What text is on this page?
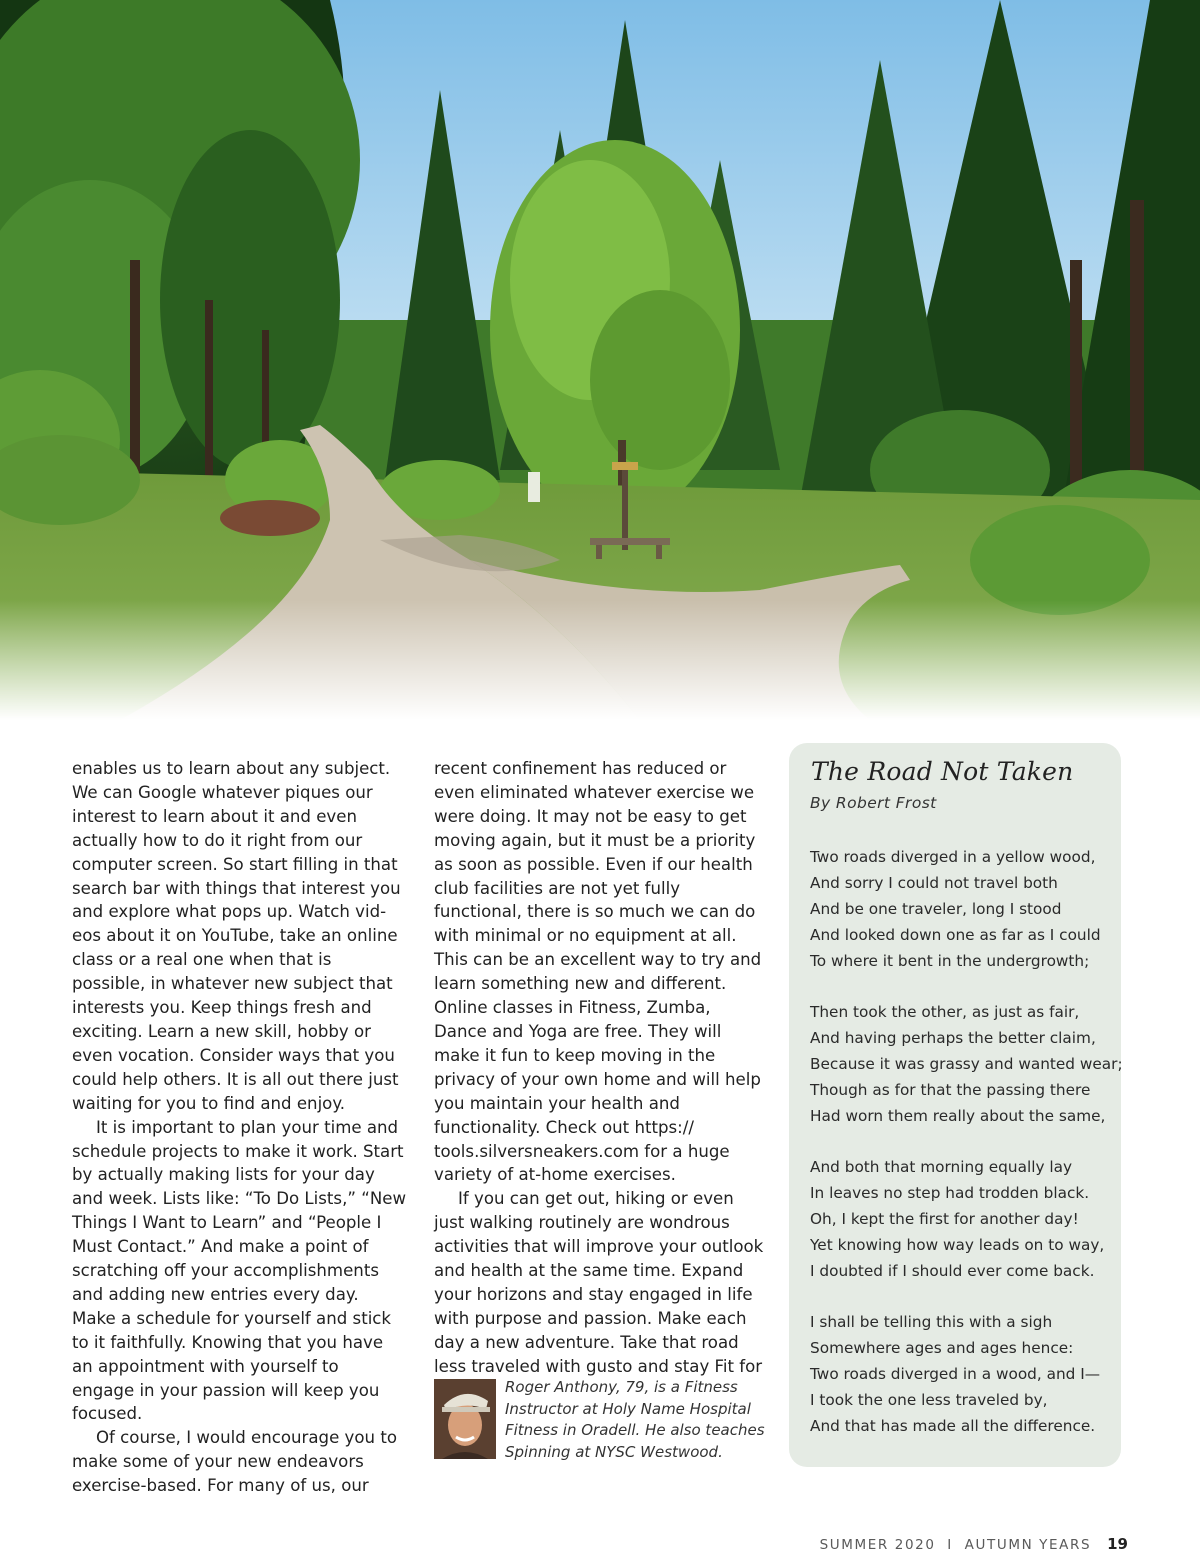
enables us to learn about any subject. We can Google whatever piques our interest to learn about it and even actually how to do it right from our computer screen. So start filling in that search bar with things that interest you and explore what pops up. Watch videos about it on YouTube, take an online class or a real one when that is possible, in whatever new subject that interests you. Keep things fresh and exciting. Learn a new skill, hobby or even vocation. Consider ways that you could help others. It is all out there just waiting for you to find and enjoy.

It is important to plan your time and schedule projects to make it work. Start by actually making lists for your day and week. Lists like: “To Do Lists,” “New Things I Want to Learn” and “People I Must Contact.” And make a point of scratching off your accomplishments and adding new entries every day. Make a schedule for yourself and stick to it faithfully. Knowing that you have an appointment with yourself to engage in your passion will keep you focused.

Of course, I would encourage you to make some of your new endeavors exercise-based. For many of us, our

recent confinement has reduced or even eliminated whatever exercise we were doing. It may not be easy to get moving again, but it must be a priority as soon as possible. Even if our health club facilities are not yet fully functional, there is so much we can do with minimal or no equipment at all. This can be an excellent way to try and learn something new and different. Online classes in Fitness, Zumba, Dance and Yoga are free. They will make it fun to keep moving in the privacy of your own home and will help you maintain your health and functionality. Check out https:// tools.silversneakers.com for a huge variety of at-home exercises.

If you can get out, hiking or even just walking routinely are wondrous activities that will improve your outlook and health at the same time. Expand your horizons and stay engaged in life with purpose and passion. Make each day a new adventure. Take that road less traveled with gusto and stay Fit for

Roger Anthony, 79, is a Fitness Instructor at Holy Name Hospital Fitness in Oradell. He also teaches Spinning at NYSC Westwood.
The Road Not Taken
By Robert Frost
Two roads diverged in a yellow wood,
And sorry I could not travel both
And be one traveler, long I stood
And looked down one as far as I could
To where it bent in the undergrowth;
Then took the other, as just as fair,
And having perhaps the better claim,
Because it was grassy and wanted wear;
Though as for that the passing there
Had worn them really about the same,
And both that morning equally lay
In leaves no step had trodden black.
Oh, I kept the first for another day!
Yet knowing how way leads on to way,
I doubted if I should ever come back.
I shall be telling this with a sigh
Somewhere ages and ages hence:
Two roads diverged in a wood, and I—
I took the one less traveled by,
And that has made all the difference.
SUMMER 2020  I  AUTUMN YEARS 19
